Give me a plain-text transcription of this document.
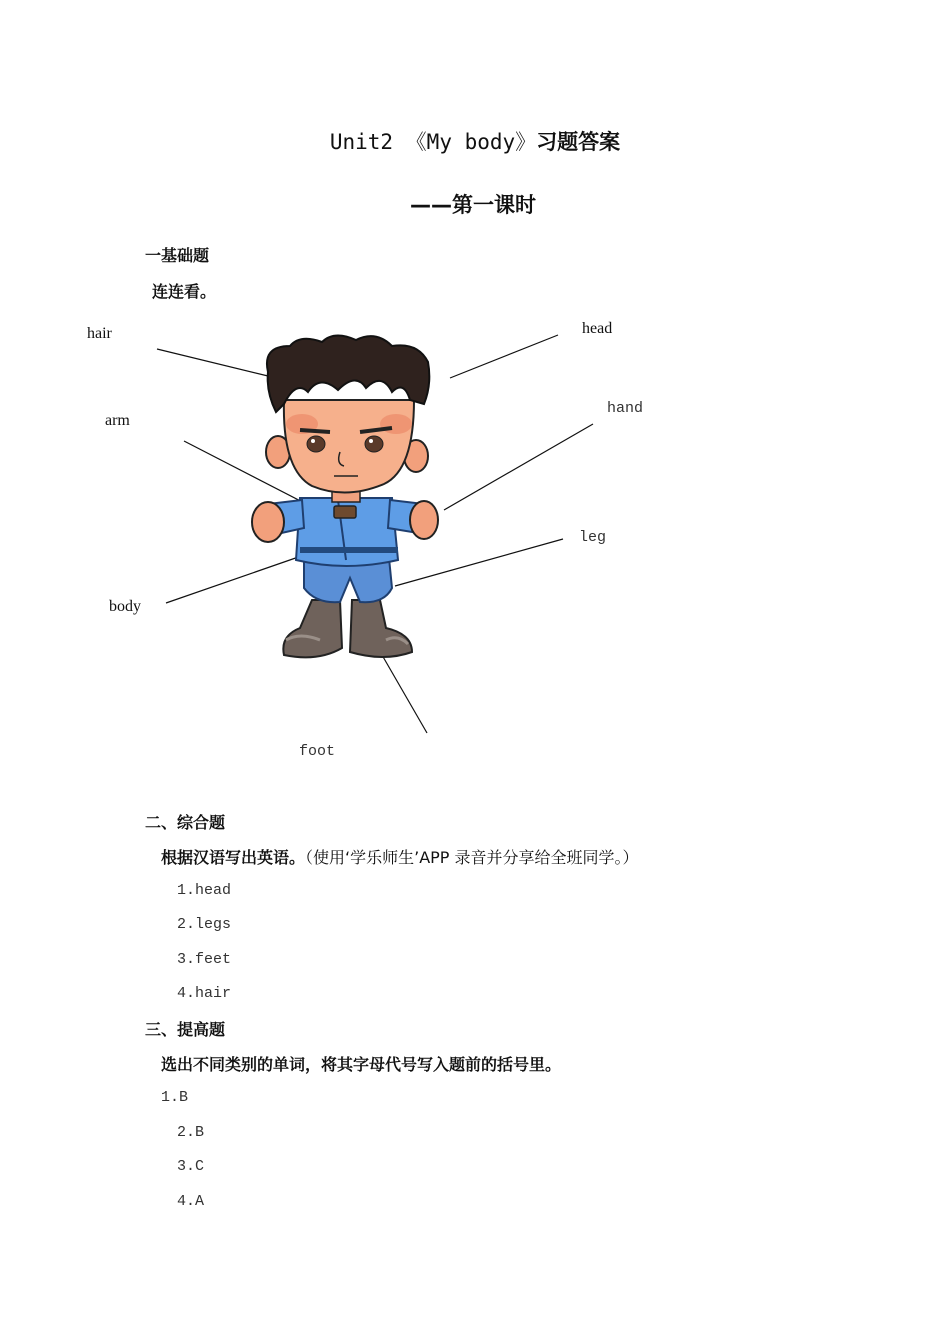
Unit2 《My body》习题答案
——第一课时
一基础题
连连看。
hair	head
arm
hand
leg
body
foot
二、综合题
根据汉语写出英语。（使用‘学乐师生’APP 录音并分享给全班同学。）
1.head
2.legs
3.feet
4.hair
三、提高题
选出不同类别的单词，将其字母代号写入题前的括号里。
1.B
2.B
3.C
4.A
